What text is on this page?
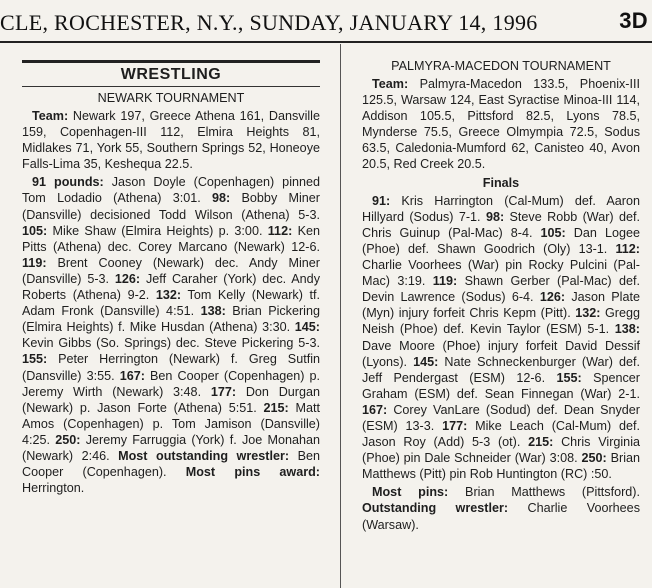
CLE, ROCHESTER, N.Y., SUNDAY, JANUARY 14, 1996	3D
WRESTLING

NEWARK TOURNAMENT

Team: Newark 197, Greece Athena 161, Dansville 159, Copenhagen-III 112, Elmira Heights 81, Midlakes 71, York 55, Southern Springs 52, Honeoye Falls-Lima 35, Keshequa 22.5.

91 pounds: Jason Doyle (Copenhagen) pinned Tom Lodadio (Athena) 3:01. 98: Bobby Miner (Dansville) decisioned Todd Wilson (Athena) 5-3. 105: Mike Shaw (Elmira Heights) p. 3:00. 112: Ken Pitts (Athena) dec. Corey Marcano (Newark) 12-6. 119: Brent Cooney (Newark) dec. Andy Miner (Dansville) 5-3. 126: Jeff Caraher (York) dec. Andy Roberts (Athena) 9-2. 132: Tom Kelly (Newark) tf. Adam Fronk (Dansville) 4:51. 138: Brian Pickering (Elmira Heights) f. Mike Husdan (Athena) 3:30. 145: Kevin Gibbs (So. Springs) dec. Steve Pickering 5-3. 155: Peter Herrington (Newark) f. Greg Sutfin (Dansville) 3:55. 167: Ben Cooper (Copenhagen) p. Jeremy Wirth (Newark) 3:48. 177: Don Durgan (Newark) p. Jason Forte (Athena) 5:51. 215: Matt Amos (Copenhagen) p. Tom Jamison (Dansville) 4:25. 250: Jeremy Farruggia (York) f. Joe Monahan (Newark) 2:46. Most outstanding wrestler: Ben Cooper (Copenhagen). Most pins award: Herrington.

PALMYRA-MACEDON TOURNAMENT

Team: Palmyra-Macedon 133.5, Phoenix-III 125.5, Warsaw 124, East Syractise Minoa-III 114, Addison 105.5, Pittsford 82.5, Lyons 78.5, Mynderse 75.5, Greece Olmympia 72.5, Sodus 63.5, Caledonia-Mumford 62, Canisteo 40, Avon 20.5, Red Creek 20.5.

Finals

91: Kris Harrington (Cal-Mum) def. Aaron Hillyard (Sodus) 7-1. 98: Steve Robb (War) def. Chris Guinup (Pal-Mac) 8-4. 105: Dan Logee (Phoe) def. Shawn Goodrich (Oly) 13-1. 112: Charlie Voorhees (War) pin Rocky Pulcini (Pal-Mac) 3:19. 119: Shawn Gerber (Pal-Mac) def. Devin Lawrence (Sodus) 6-4. 126: Jason Plate (Myn) injury forfeit Chris Kepm (Pitt). 132: Gregg Neish (Phoe) def. Kevin Taylor (ESM) 5-1. 138: Dave Moore (Phoe) injury forfeit David Dessif (Lyons). 145: Nate Schneckenburger (War) def. Jeff Pendergast (ESM) 12-6. 155: Spencer Graham (ESM) def. Sean Finnegan (War) 2-1. 167: Corey VanLare (Sodud) def. Dean Snyder (ESM) 13-3. 177: Mike Leach (Cal-Mum) def. Jason Roy (Add) 5-3 (ot). 215: Chris Virginia (Phoe) pin Dale Schneider (War) 3:08. 250: Brian Matthews (Pitt) pin Rob Huntington (RC) :50.

Most pins: Brian Matthews (Pittsford). Outstanding wrestler: Charlie Voorhees (Warsaw).
